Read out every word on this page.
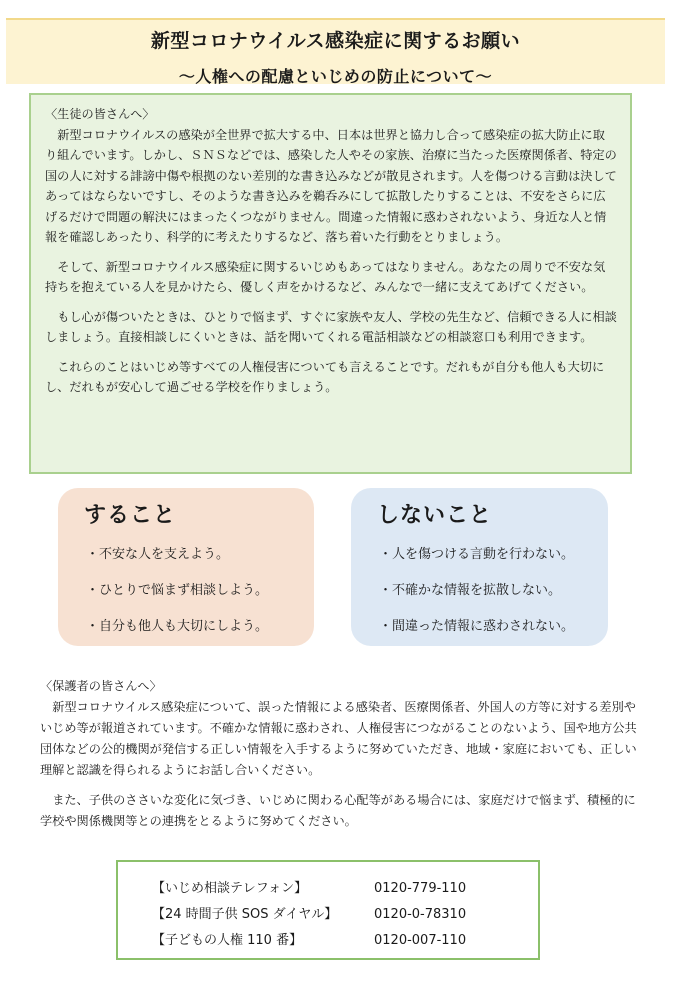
新型コロナウイルス感染症に関するお願い
～人権への配慮といじめの防止について～
〈生徒の皆さんへ〉

新型コロナウイルスの感染が全世界で拡大する中、日本は世界と協力し合って感染症の拡大防止に取り組んでいます。しかし、ＳＮＳなどでは、感染した人やその家族、治療に当たった医療関係者、特定の国の人に対する誹謗中傷や根拠のない差別的な書き込みなどが散見されます。人を傷つける言動は決してあってはならないですし、そのような書き込みを鵜呑みにして拡散したりすることは、不安をさらに広げるだけで問題の解決にはまったくつながりません。間違った情報に惑わされないよう、身近な人と情報を確認しあったり、科学的に考えたりするなど、落ち着いた行動をとりましょう。

そして、新型コロナウイルス感染症に関するいじめもあってはなりません。あなたの周りで不安な気持ちを抱えている人を見かけたら、優しく声をかけるなど、みんなで一緒に支えてあげてください。

もし心が傷ついたときは、ひとりで悩まず、すぐに家族や友人、学校の先生など、信頼できる人に相談しましょう。直接相談しにくいときは、話を聞いてくれる電話相談などの相談窓口も利用できます。

これらのことはいじめ等すべての人権侵害についても言えることです。だれもが自分も他人も大切にし、だれもが安心して過ごせる学校を作りましょう。

すること
・不安な人を支えよう。
・ひとりで悩まず相談しよう。
・自分も他人も大切にしよう。
しないこと
・人を傷つける言動を行わない。
・不確かな情報を拡散しない。
・間違った情報に惑わされない。
〈保護者の皆さんへ〉

新型コロナウイルス感染症について、誤った情報による感染者、医療関係者、外国人の方等に対する差別やいじめ等が報道されています。不確かな情報に惑わされ、人権侵害につながることのないよう、国や地方公共団体などの公的機関が発信する正しい情報を入手するように努めていただき、地域・家庭においても、正しい理解と認識を得られるようにお話し合いください。

また、子供のささいな変化に気づき、いじめに関わる心配等がある場合には、家庭だけで悩まず、積極的に学校や関係機関等との連携をとるように努めてください。

【いじめ相談テレフォン】	0120-779-110
【24 時間子供 SOS ダイヤル】	0120-0-78310
【子どもの人権 110 番】	0120-007-110
